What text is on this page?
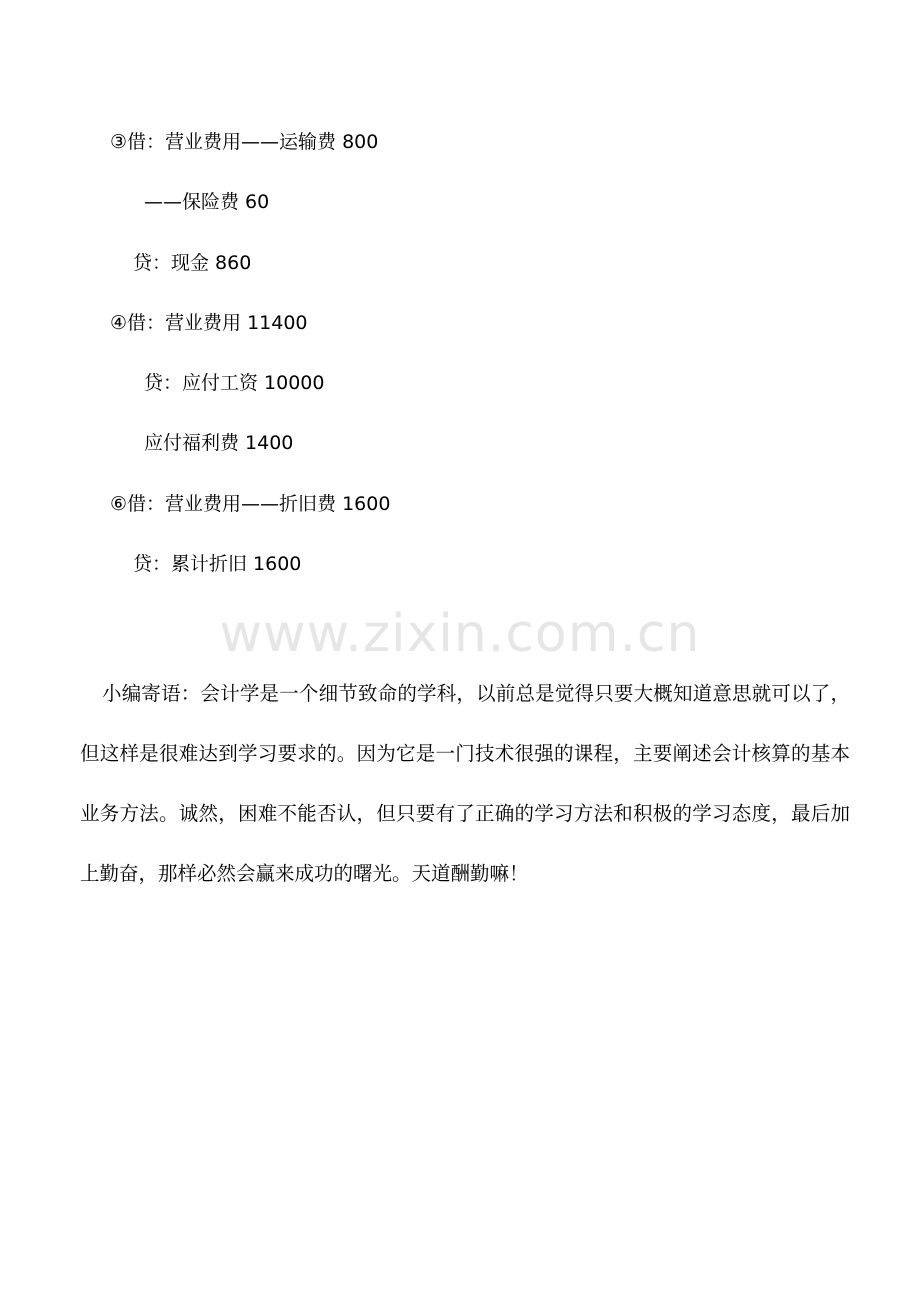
③借：营业费用——运输费 800
——保险费 60
贷：现金 860
④借：营业费用 11400
贷：应付工资 10000
应付福利费 1400
⑥借：营业费用——折旧费 1600
贷：累计折旧 1600
www.zixin.com.cn

小编寄语：会计学是一个细节致命的学科，以前总是觉得只要大概知道意思就可以了，但这样是很难达到学习要求的。因为它是一门技术很强的课程，主要阐述会计核算的基本业务方法。诚然，困难不能否认，但只要有了正确的学习方法和积极的学习态度，最后加上勤奋，那样必然会赢来成功的曙光。天道酬勤嘛！
